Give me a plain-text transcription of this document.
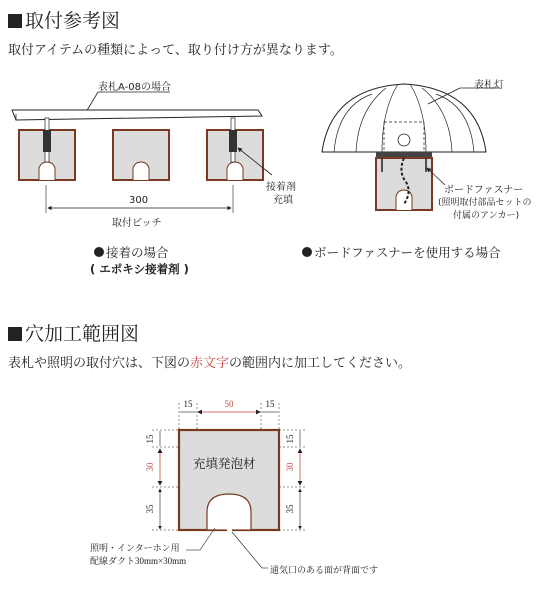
取付参考図
取付アイテムの種類によって、取り付け方が異なります。
15	50	15
15
30
35
15
30
35
表札A-08の場合
接着剤
充填
300
取付ピッチ
接着の場合
( エポキシ接着剤 )
表札灯
ボードファスナー
(照明取付部品セットの
付属のアンカー)
ボードファスナーを使用する場合
穴加工範囲図
表札や照明の取付穴は、下図の赤文字の範囲内に加工してください。
充填発泡材
照明・インターホン用
配線ダクト30mm×30mm
通気口のある面が背面です
